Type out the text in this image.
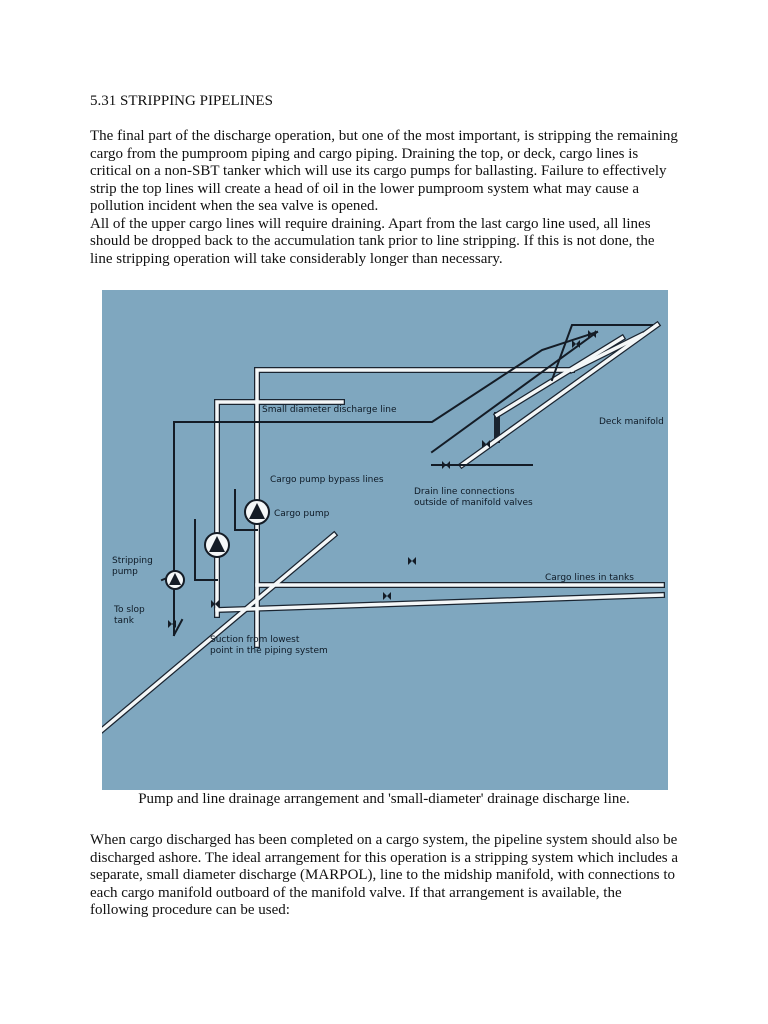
5.31 STRIPPING PIPELINES
The final part of the discharge operation, but one of the most important, is stripping the remaining cargo from the pumproom piping and cargo piping. Draining the top, or deck, cargo lines is critical on a non-SBT tanker which will use its cargo pumps for ballasting. Failure to effectively strip the top lines will create a head of oil in the lower pumproom system what may cause a pollution incident when the sea valve is opened.
All of the upper cargo lines will require draining. Apart from the last cargo line used, all lines should be dropped back to the accumulation tank prior to line stripping. If this is not done, the line stripping operation will take considerably longer than necessary.
Small diameter discharge line
Deck manifold
Cargo pump bypass lines
Cargo pump
Drain line connections
outside of manifold valves
Stripping
pump
To slop
tank
Cargo lines in tanks
Suction from lowest
point in the piping system
Pump and line drainage arrangement and 'small-diameter' drainage discharge line.
When cargo discharged has been completed on a cargo system, the pipeline system should also be discharged ashore. The ideal arrangement for this operation is a stripping system which includes a separate, small diameter discharge (MARPOL), line to the midship manifold, with connections to each cargo manifold outboard of the manifold valve. If that arrangement is available, the following procedure can be used:
